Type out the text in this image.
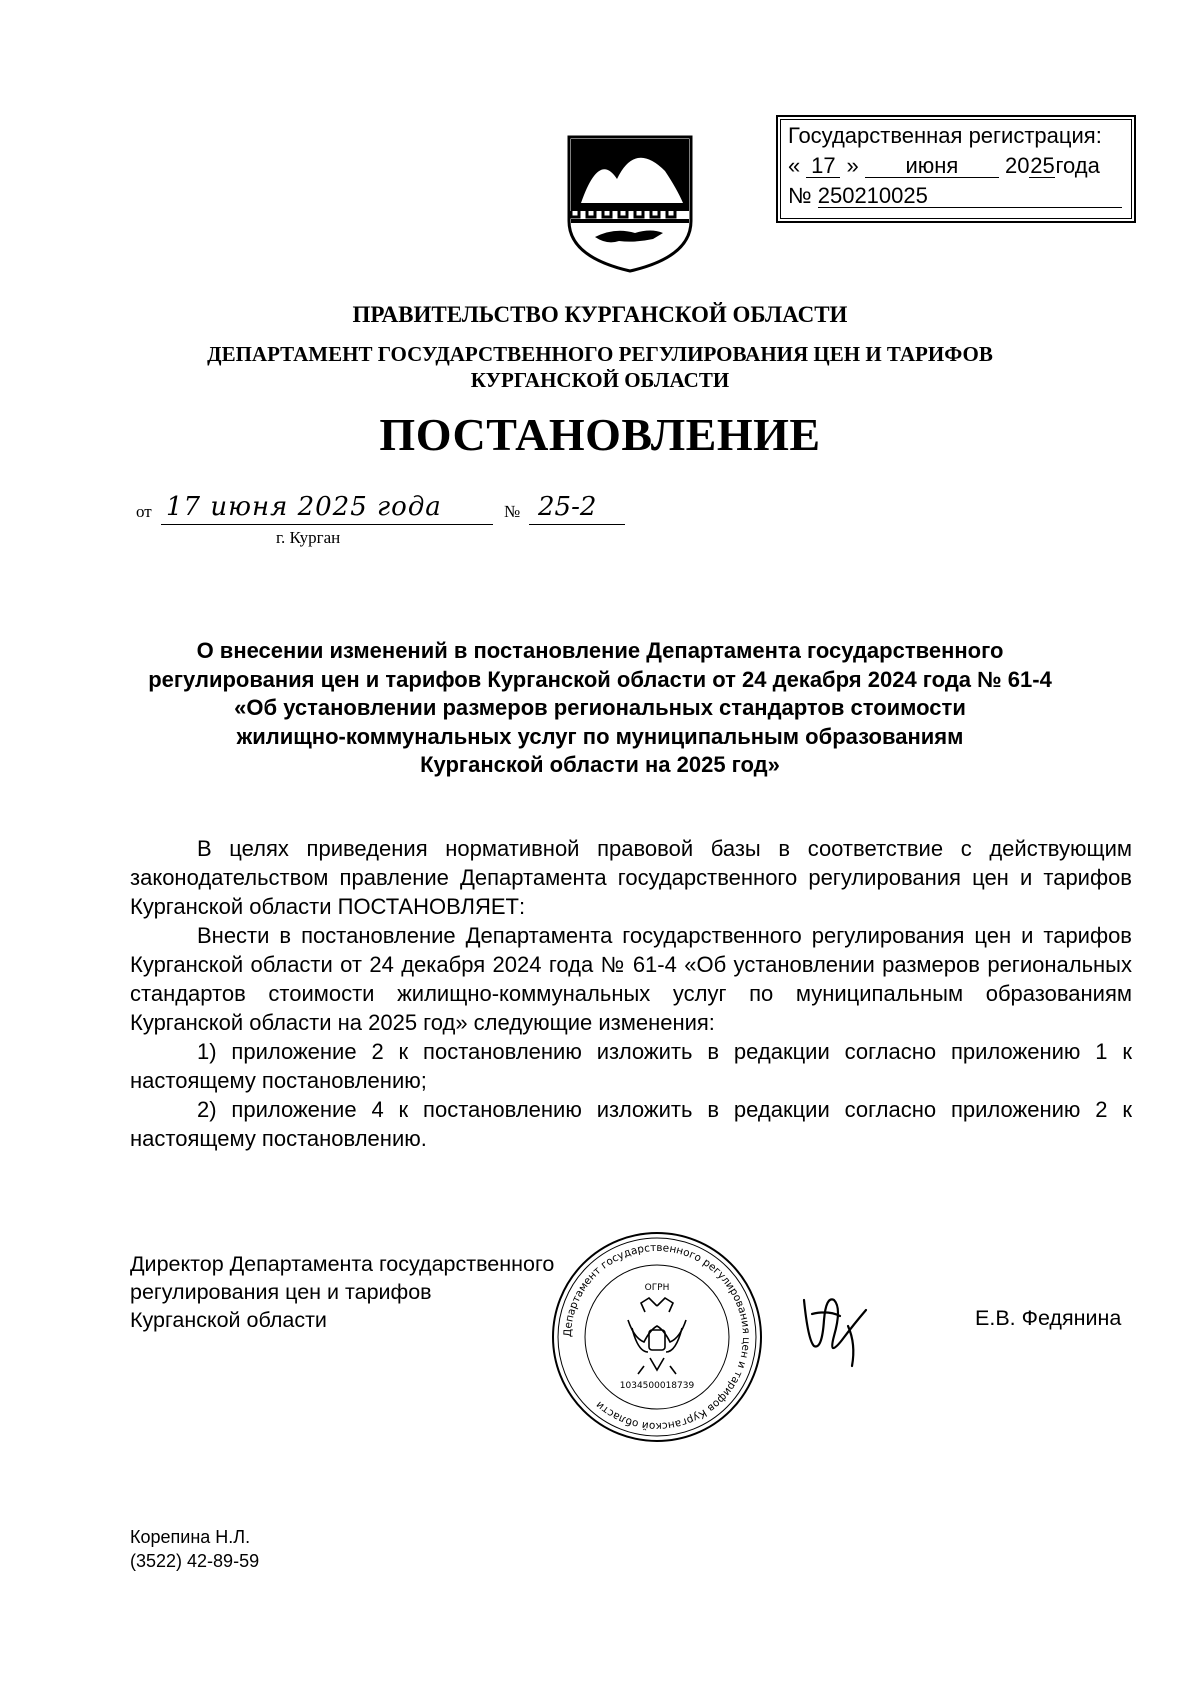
Государственная регистрация:
« 17 » июня 2025года
№ 250210025
ПРАВИТЕЛЬСТВО КУРГАНСКОЙ ОБЛАСТИ
ДЕПАРТАМЕНТ ГОСУДАРСТВЕННОГО РЕГУЛИРОВАНИЯ ЦЕН И ТАРИФОВ
КУРГАНСКОЙ ОБЛАСТИ
ПОСТАНОВЛЕНИЕ
от 17 июня 2025 года	№ 25-2
г. Курган
О внесении изменений в постановление Департамента государственного
регулирования цен и тарифов Курганской области от 24 декабря 2024 года № 61-4
«Об установлении размеров региональных стандартов стоимости
жилищно-коммунальных услуг по муниципальным образованиям
Курганской области на 2025 год»

В целях приведения нормативной правовой базы в соответствие с действующим законодательством правление Департамента государственного регулирования цен и тарифов Курганской области ПОСТАНОВЛЯЕТ:

Внести в постановление Департамента государственного регулирования цен и тарифов Курганской области от 24 декабря 2024 года № 61-4 «Об установлении размеров региональных стандартов стоимости жилищно-коммунальных услуг по муниципальным образованиям Курганской области на 2025 год» следующие изменения:

1) приложение 2 к постановлению изложить в редакции согласно приложению 1 к настоящему постановлению;

2) приложение 4 к постановлению изложить в редакции согласно приложению 2 к настоящему постановлению.

Директор Департамента государственного
регулирования цен и тарифов
Курганской области
Департамент государственного регулирования цен и тарифов Курганской области
ОГРН
1034500018739
Е.В. Федянина
Корепина Н.Л.
(3522) 42-89-59
